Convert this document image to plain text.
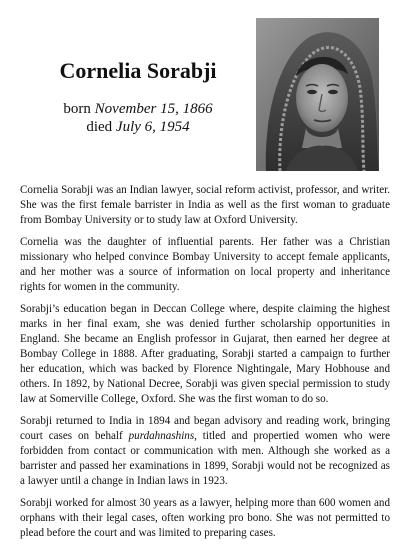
Cornelia Sorabji
born November 15, 1866
died July 6, 1954

Cornelia Sorabji was an Indian lawyer, social reform activist, professor, and writer. She was the first female barrister in India as well as the first woman to graduate from Bombay University or to study law at Oxford University.

Cornelia was the daughter of influential parents. Her father was a Christian missionary who helped convince Bombay University to accept female applicants, and her mother was a source of information on local property and inheritance rights for women in the community.

Sorabji’s education began in Deccan College where, despite claiming the highest marks in her final exam, she was denied further scholarship opportunities in England. She became an English professor in Gujarat, then earned her degree at Bombay College in 1888. After graduating, Sorabji started a campaign to further her education, which was backed by Florence Nightingale, Mary Hobhouse and others. In 1892, by National Decree, Sorabji was given special permission to study law at Somerville College, Oxford. She was the first woman to do so.

Sorabji returned to India in 1894 and began advisory and reading work, bringing court cases on behalf purdahnashins, titled and propertied women who were forbidden from contact or communication with men. Although she worked as a barrister and passed her examinations in 1899, Sorabji would not be recognized as a lawyer until a change in Indian laws in 1923.

Sorabji worked for almost 30 years as a lawyer, helping more than 600 women and orphans with their legal cases, often working pro bono. She was not permitted to plead before the court and was limited to preparing cases.
